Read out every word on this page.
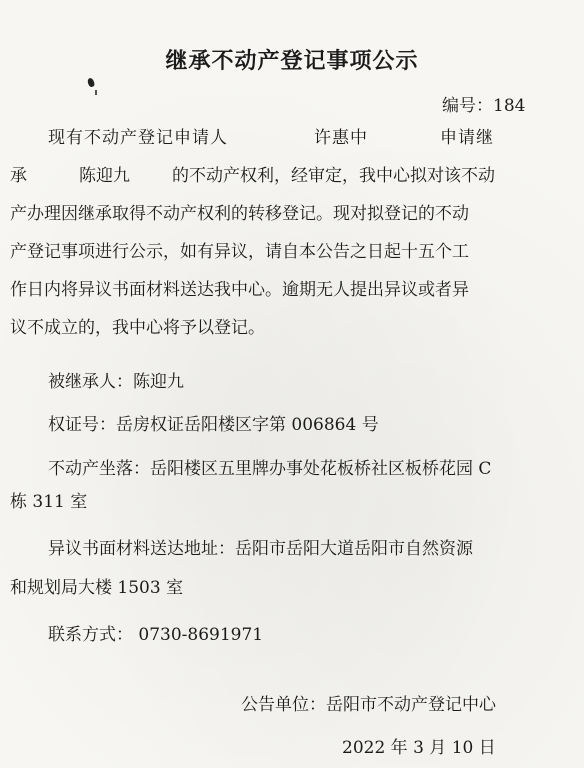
继承不动产登记事项公示
编号：184
现有不动产登记申请人	许惠中	申请继
承	陈迎九 的不动产权利，经审定，我中心拟对该不动
产办理因继承取得不动产权利的转移登记。现对拟登记的不动
产登记事项进行公示，如有异议，请自本公告之日起十五个工
作日内将异议书面材料送达我中心。逾期无人提出异议或者异
议不成立的，我中心将予以登记。
被继承人：陈迎九
权证号：岳房权证岳阳楼区字第 006864 号
不动产坐落：岳阳楼区五里牌办事处花板桥社区板桥花园 C
栋 311 室
异议书面材料送达地址：岳阳市岳阳大道岳阳市自然资源
和规划局大楼 1503 室
联系方式： 0730-8691971
公告单位：岳阳市不动产登记中心
2022 年 3 月 10 日
